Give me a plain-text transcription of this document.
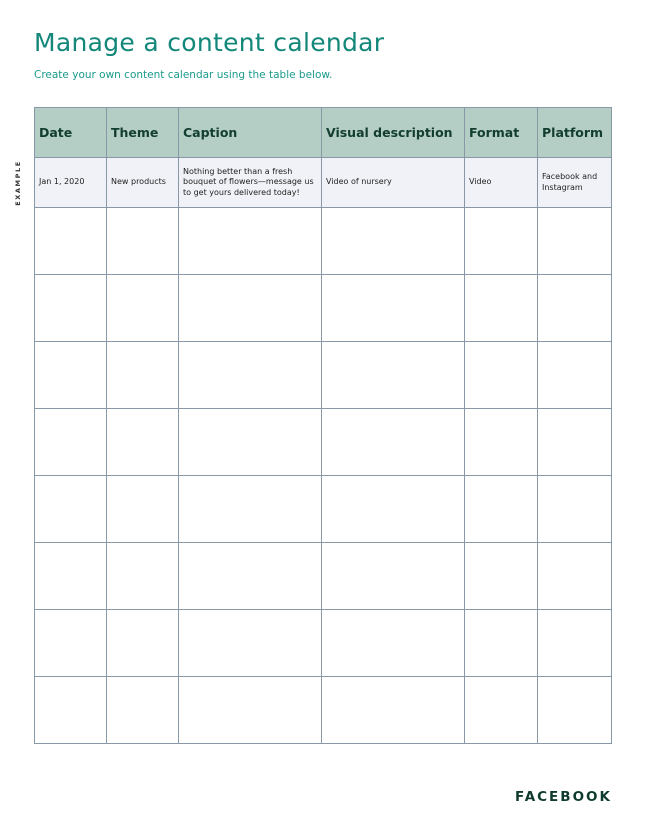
Manage a content calendar

Create your own content calendar using the table below.

EXAMPLE
Date	Theme	Caption	Visual description	Format	Platform
Jan 1, 2020	New products	Nothing better than a fresh bouquet of flowers—message us to get yours delivered today!	Video of nursery	Video	Facebook and Instagram

FACEBOOK
